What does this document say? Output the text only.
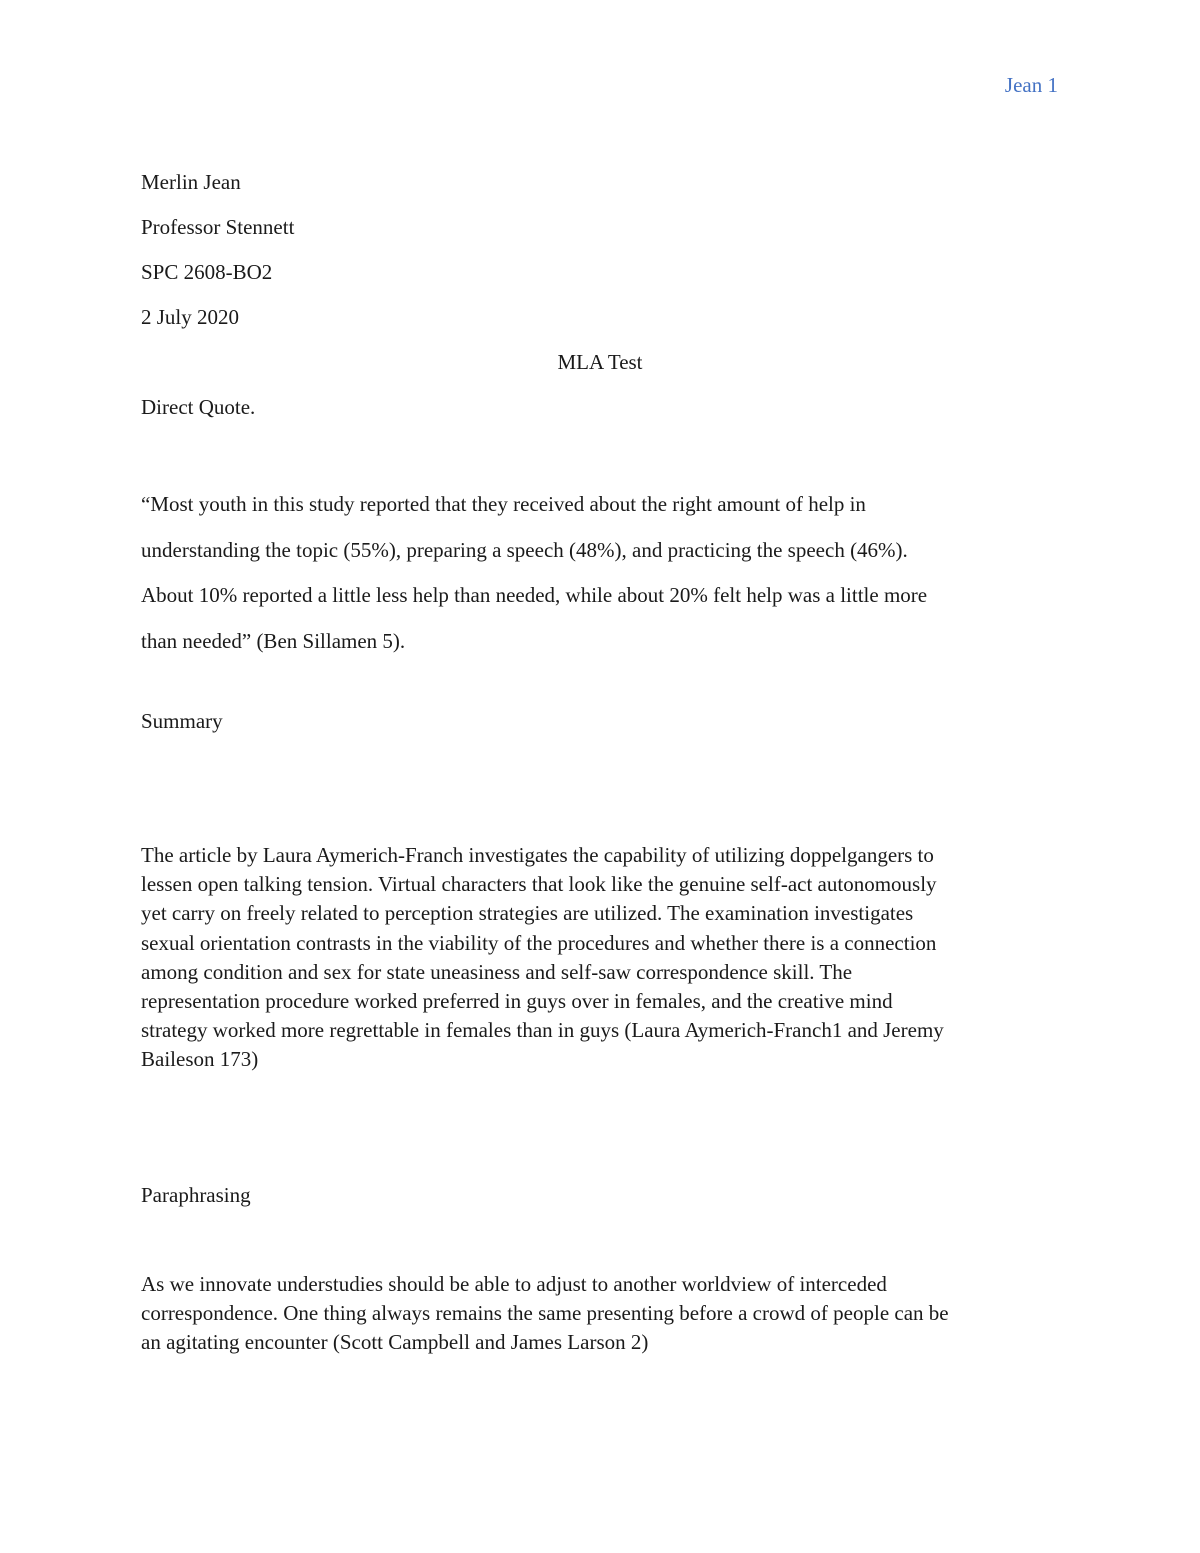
Jean 1
Merlin Jean
Professor Stennett
SPC 2608-BO2
2 July 2020
MLA Test
Direct Quote.
“Most youth in this study reported that they received about the right amount of help in
understanding the topic (55%), preparing a speech (48%), and practicing the speech (46%).
About 10% reported a little less help than needed, while about 20% felt help was a little more
than needed” (Ben Sillamen 5).
Summary
The article by Laura Aymerich-Franch investigates the capability of utilizing doppelgangers to
lessen open talking tension. Virtual characters that look like the genuine self-act autonomously
yet carry on freely related to perception strategies are utilized. The examination investigates
sexual orientation contrasts in the viability of the procedures and whether there is a connection
among condition and sex for state uneasiness and self-saw correspondence skill. The
representation procedure worked preferred in guys over in females, and the creative mind
strategy worked more regrettable in females than in guys (Laura Aymerich-Franch1 and Jeremy
Baileson 173)
Paraphrasing
As we innovate understudies should be able to adjust to another worldview of interceded
correspondence. One thing always remains the same presenting before a crowd of people can be
an agitating encounter (Scott Campbell and James Larson 2)
